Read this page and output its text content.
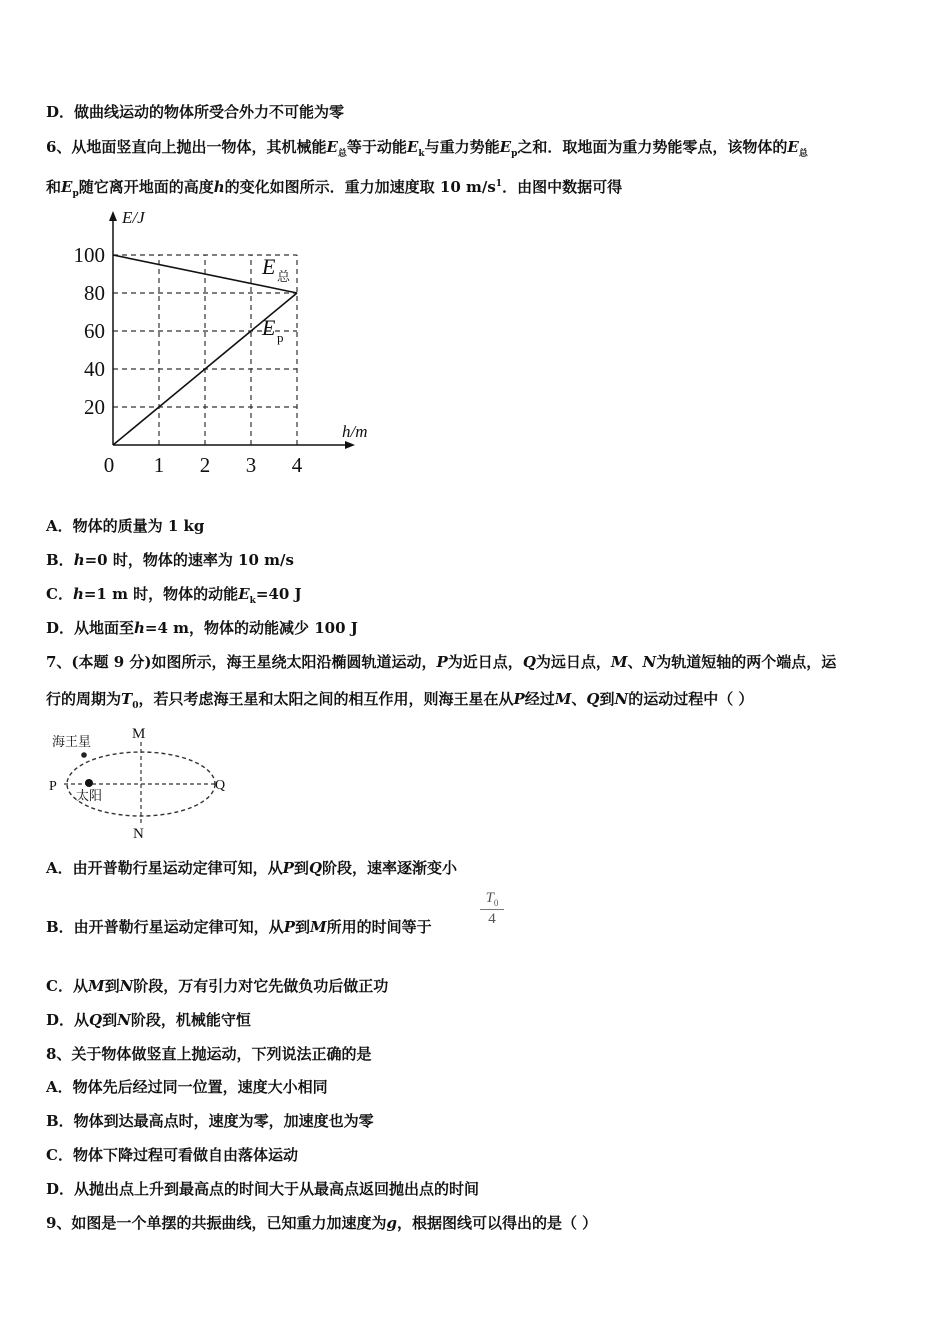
D．做曲线运动的物体所受合外力不可能为零
6、从地面竖直向上抛出一物体，其机械能$E_总$等于动能$E_k$与重力势能$E_p$之和．取地面为重力势能零点，该物体的$E_总$
和$E_p$随它离开地面的高度h的变化如图所示．重力加速度取 10 $m/s^1$．由图中数据可得
E/J
h/m
20
40
60
80
100
0 1 2 3 4
E 总
E p
A．物体的质量为 1 kg
B．h=0 时，物体的速率为 10 m/s
C．h=1 m 时，物体的动能$E_k=40$ J
D．从地面至h=4 m，物体的动能减少 100 J
7、(本题 9 分)如图所示，海王星绕太阳沿椭圆轨道运动，P为近日点，Q为远日点，M、N为轨道短轴的两个端点，运
行的周期为$T_0$，若只考虑海王星和太阳之间的相互作用，则海王星在从P经过M、Q到N的运动过程中（ ）
海王星
太阳
P	Q
M
N
A．由开普勒行星运动定律可知，从P到Q阶段，速率逐渐变小
B．由开普勒行星运动定律可知，从P到M所用的时间等于
$T_0$
4
C．从M到N阶段，万有引力对它先做负功后做正功
D．从Q到N阶段，机械能守恒
8、关于物体做竖直上抛运动，下列说法正确的是
A．物体先后经过同一位置，速度大小相同
B．物体到达最高点时，速度为零，加速度也为零
C．物体下降过程可看做自由落体运动
D．从抛出点上升到最高点的时间大于从最高点返回抛出点的时间
9、如图是一个单摆的共振曲线，已知重力加速度为g，根据图线可以得出的是（ ）
